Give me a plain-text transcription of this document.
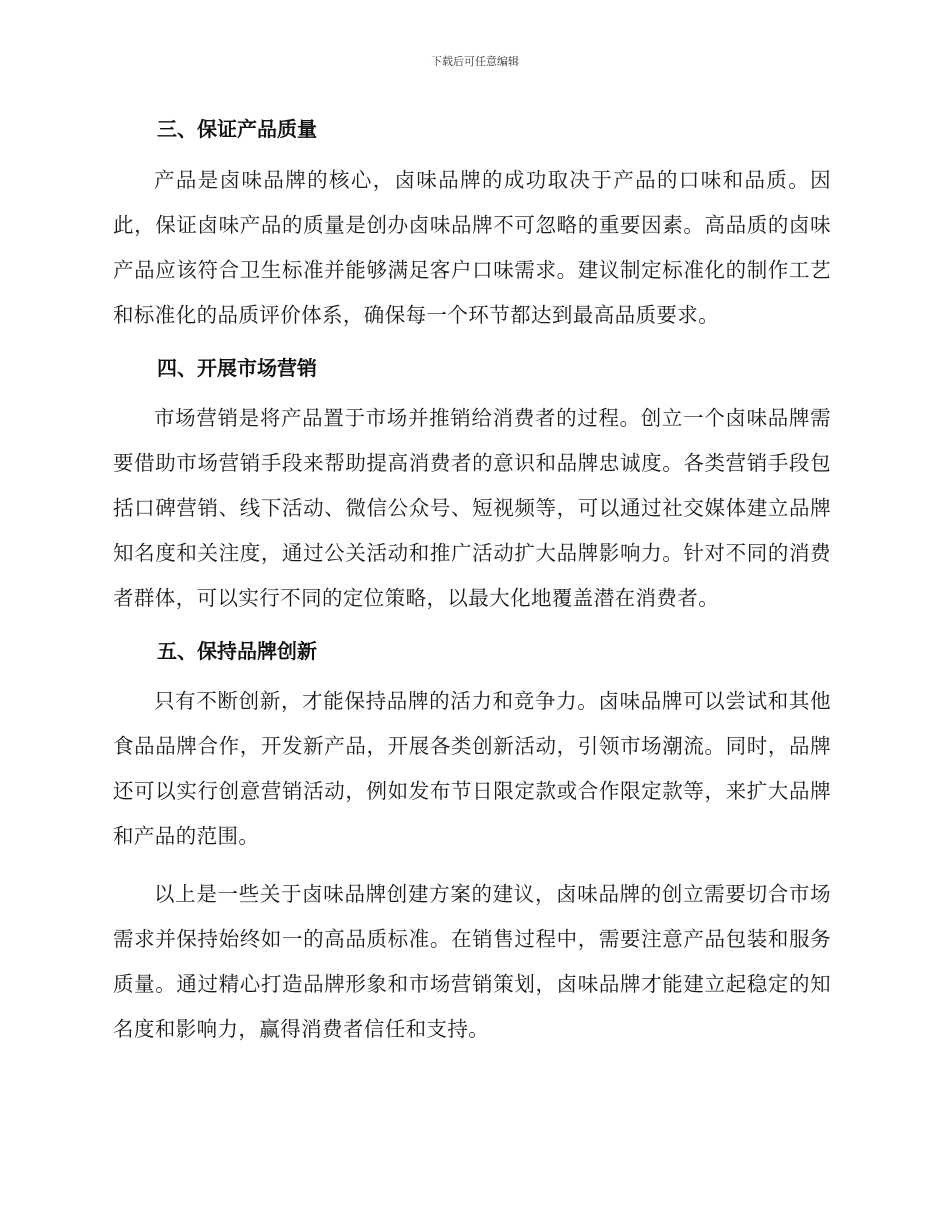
下载后可任意编辑
三、保证产品质量

产品是卤味品牌的核心，卤味品牌的成功取决于产品的口味和品质。因此，保证卤味产品的质量是创办卤味品牌不可忽略的重要因素。高品质的卤味产品应该符合卫生标准并能够满足客户口味需求。建议制定标准化的制作工艺和标准化的品质评价体系，确保每一个环节都达到最高品质要求。

四、开展市场营销

市场营销是将产品置于市场并推销给消费者的过程。创立一个卤味品牌需要借助市场营销手段来帮助提高消费者的意识和品牌忠诚度。各类营销手段包括口碑营销、线下活动、微信公众号、短视频等，可以通过社交媒体建立品牌知名度和关注度，通过公关活动和推广活动扩大品牌影响力。针对不同的消费者群体，可以实行不同的定位策略，以最大化地覆盖潜在消费者。

五、保持品牌创新

只有不断创新，才能保持品牌的活力和竞争力。卤味品牌可以尝试和其他食品品牌合作，开发新产品，开展各类创新活动，引领市场潮流。同时，品牌还可以实行创意营销活动，例如发布节日限定款或合作限定款等，来扩大品牌和产品的范围。

以上是一些关于卤味品牌创建方案的建议，卤味品牌的创立需要切合市场需求并保持始终如一的高品质标准。在销售过程中，需要注意产品包装和服务质量。通过精心打造品牌形象和市场营销策划，卤味品牌才能建立起稳定的知名度和影响力，赢得消费者信任和支持。
